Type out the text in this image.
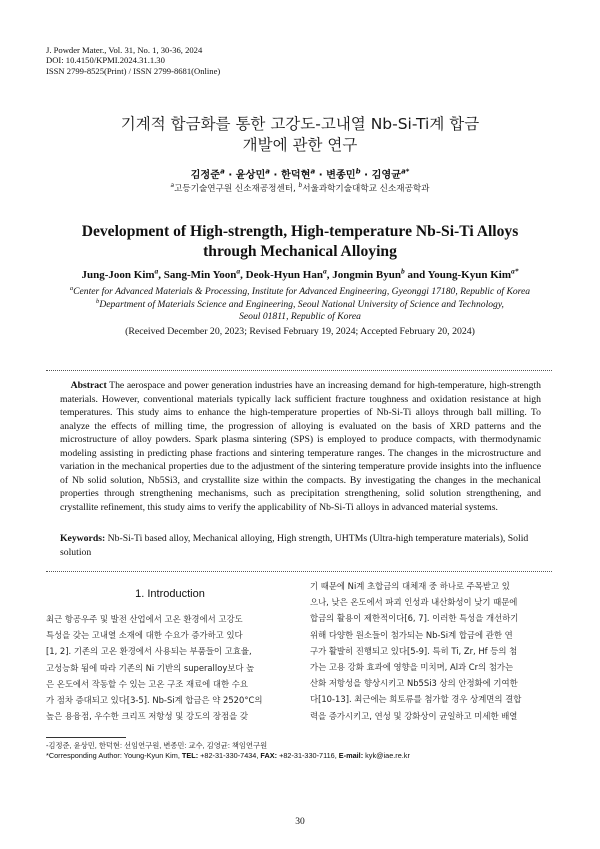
J. Powder Mater., Vol. 31, No. 1, 30-36, 2024
DOI: 10.4150/KPMI.2024.31.1.30
ISSN 2799-8525(Print) / ISSN 2799-8681(Online)
기계적 합금화를 통한 고강도-고내열 Nb-Si-Ti계 합금
개발에 관한 연구
김정준$^a$ · 윤상민$^a$ · 한덕현$^a$ · 변종민$^b$ · 김영균$^{a*}$
$^a$고등기술연구원 신소재공정센터, $^b$서울과학기술대학교 신소재공학과
Development of High-strength, High-temperature Nb-Si-Ti Alloys
through Mechanical Alloying
Jung-Joon Kim$^a$, Sang-Min Yoon$^a$, Deok-Hyun Han$^a$, Jongmin Byun$^b$ and Young-Kyun Kim$^{a*}$
$^a$Center for Advanced Materials & Processing, Institute for Advanced Engineering, Gyeonggi 17180, Republic of Korea
$^b$Department of Materials Science and Engineering, Seoul National University of Science and Technology,
Seoul 01811, Republic of Korea
(Received December 20, 2023; Revised February 19, 2024; Accepted February 20, 2024)
Abstract The aerospace and power generation industries have an increasing demand for high-temperature, high-strength materials. However, conventional materials typically lack sufficient fracture toughness and oxidation resistance at high temperatures. This study aims to enhance the high-temperature properties of Nb-Si-Ti alloys through ball milling. To analyze the effects of milling time, the progression of alloying is evaluated on the basis of XRD patterns and the microstructure of alloy powders. Spark plasma sintering (SPS) is employed to produce compacts, with thermodynamic modeling assisting in predicting phase fractions and sintering temperature ranges. The changes in the microstructure and variation in the mechanical properties due to the adjustment of the sintering temperature provide insights into the influence of Nb solid solution, Nb5Si3, and crystallite size within the compacts. By investigating the changes in the mechanical properties through strengthening mechanisms, such as precipitation strengthening, solid solution strengthening, and crystallite refinement, this study aims to verify the applicability of Nb-Si-Ti alloys in advanced material systems.
Keywords: Nb-Si-Ti based alloy, Mechanical alloying, High strength, UHTMs (Ultra-high temperature materials), Solid solution
1. Introduction
최근 항공우주 및 발전 산업에서 고온 환경에서 고강도
특성을 갖는 고내열 소재에 대한 수요가 증가하고 있다
[1, 2]. 기존의 고온 환경에서 사용되는 부품들이 고효율,
고성능화 됨에 따라 기존의 Ni 기반의 superalloy보다 높
은 온도에서 작동할 수 있는 고온 구조 재료에 대한 수요
가 점차 증대되고 있다[3-5]. Nb-Si계 합금은 약 2520°C의
높은 용융점, 우수한 크리프 저항성 및 강도의 장점을 갖
기 때문에 Ni계 초합금의 대체재 중 하나로 주목받고 있
으나, 낮은 온도에서 파괴 인성과 내산화성이 낮기 때문에
합금의 활용이 제한적이다[6, 7]. 이러한 특성을 개선하기
위해 다양한 원소들이 첨가되는 Nb-Si계 합금에 관한 연
구가 활발히 진행되고 있다[5-9]. 특히 Ti, Zr, Hf 등의 첨
가는 고용 강화 효과에 영향을 미치며, Al과 Cr의 첨가는
산화 저항성을 향상시키고 Nb5Si3 상의 안정화에 기여한
다[10-13]. 최근에는 희토류를 첨가할 경우 상계면의 결합
력을 증가시키고, 연성 및 강화상이 균일하고 미세한 배열
-김정준, 윤상민, 한덕현: 선임연구원, 변종민: 교수, 김영균: 책임연구원
*Corresponding Author: Young-Kyun Kim, TEL: +82-31-330-7434, FAX: +82-31-330-7116, E-mail: kyk@iae.re.kr
30
